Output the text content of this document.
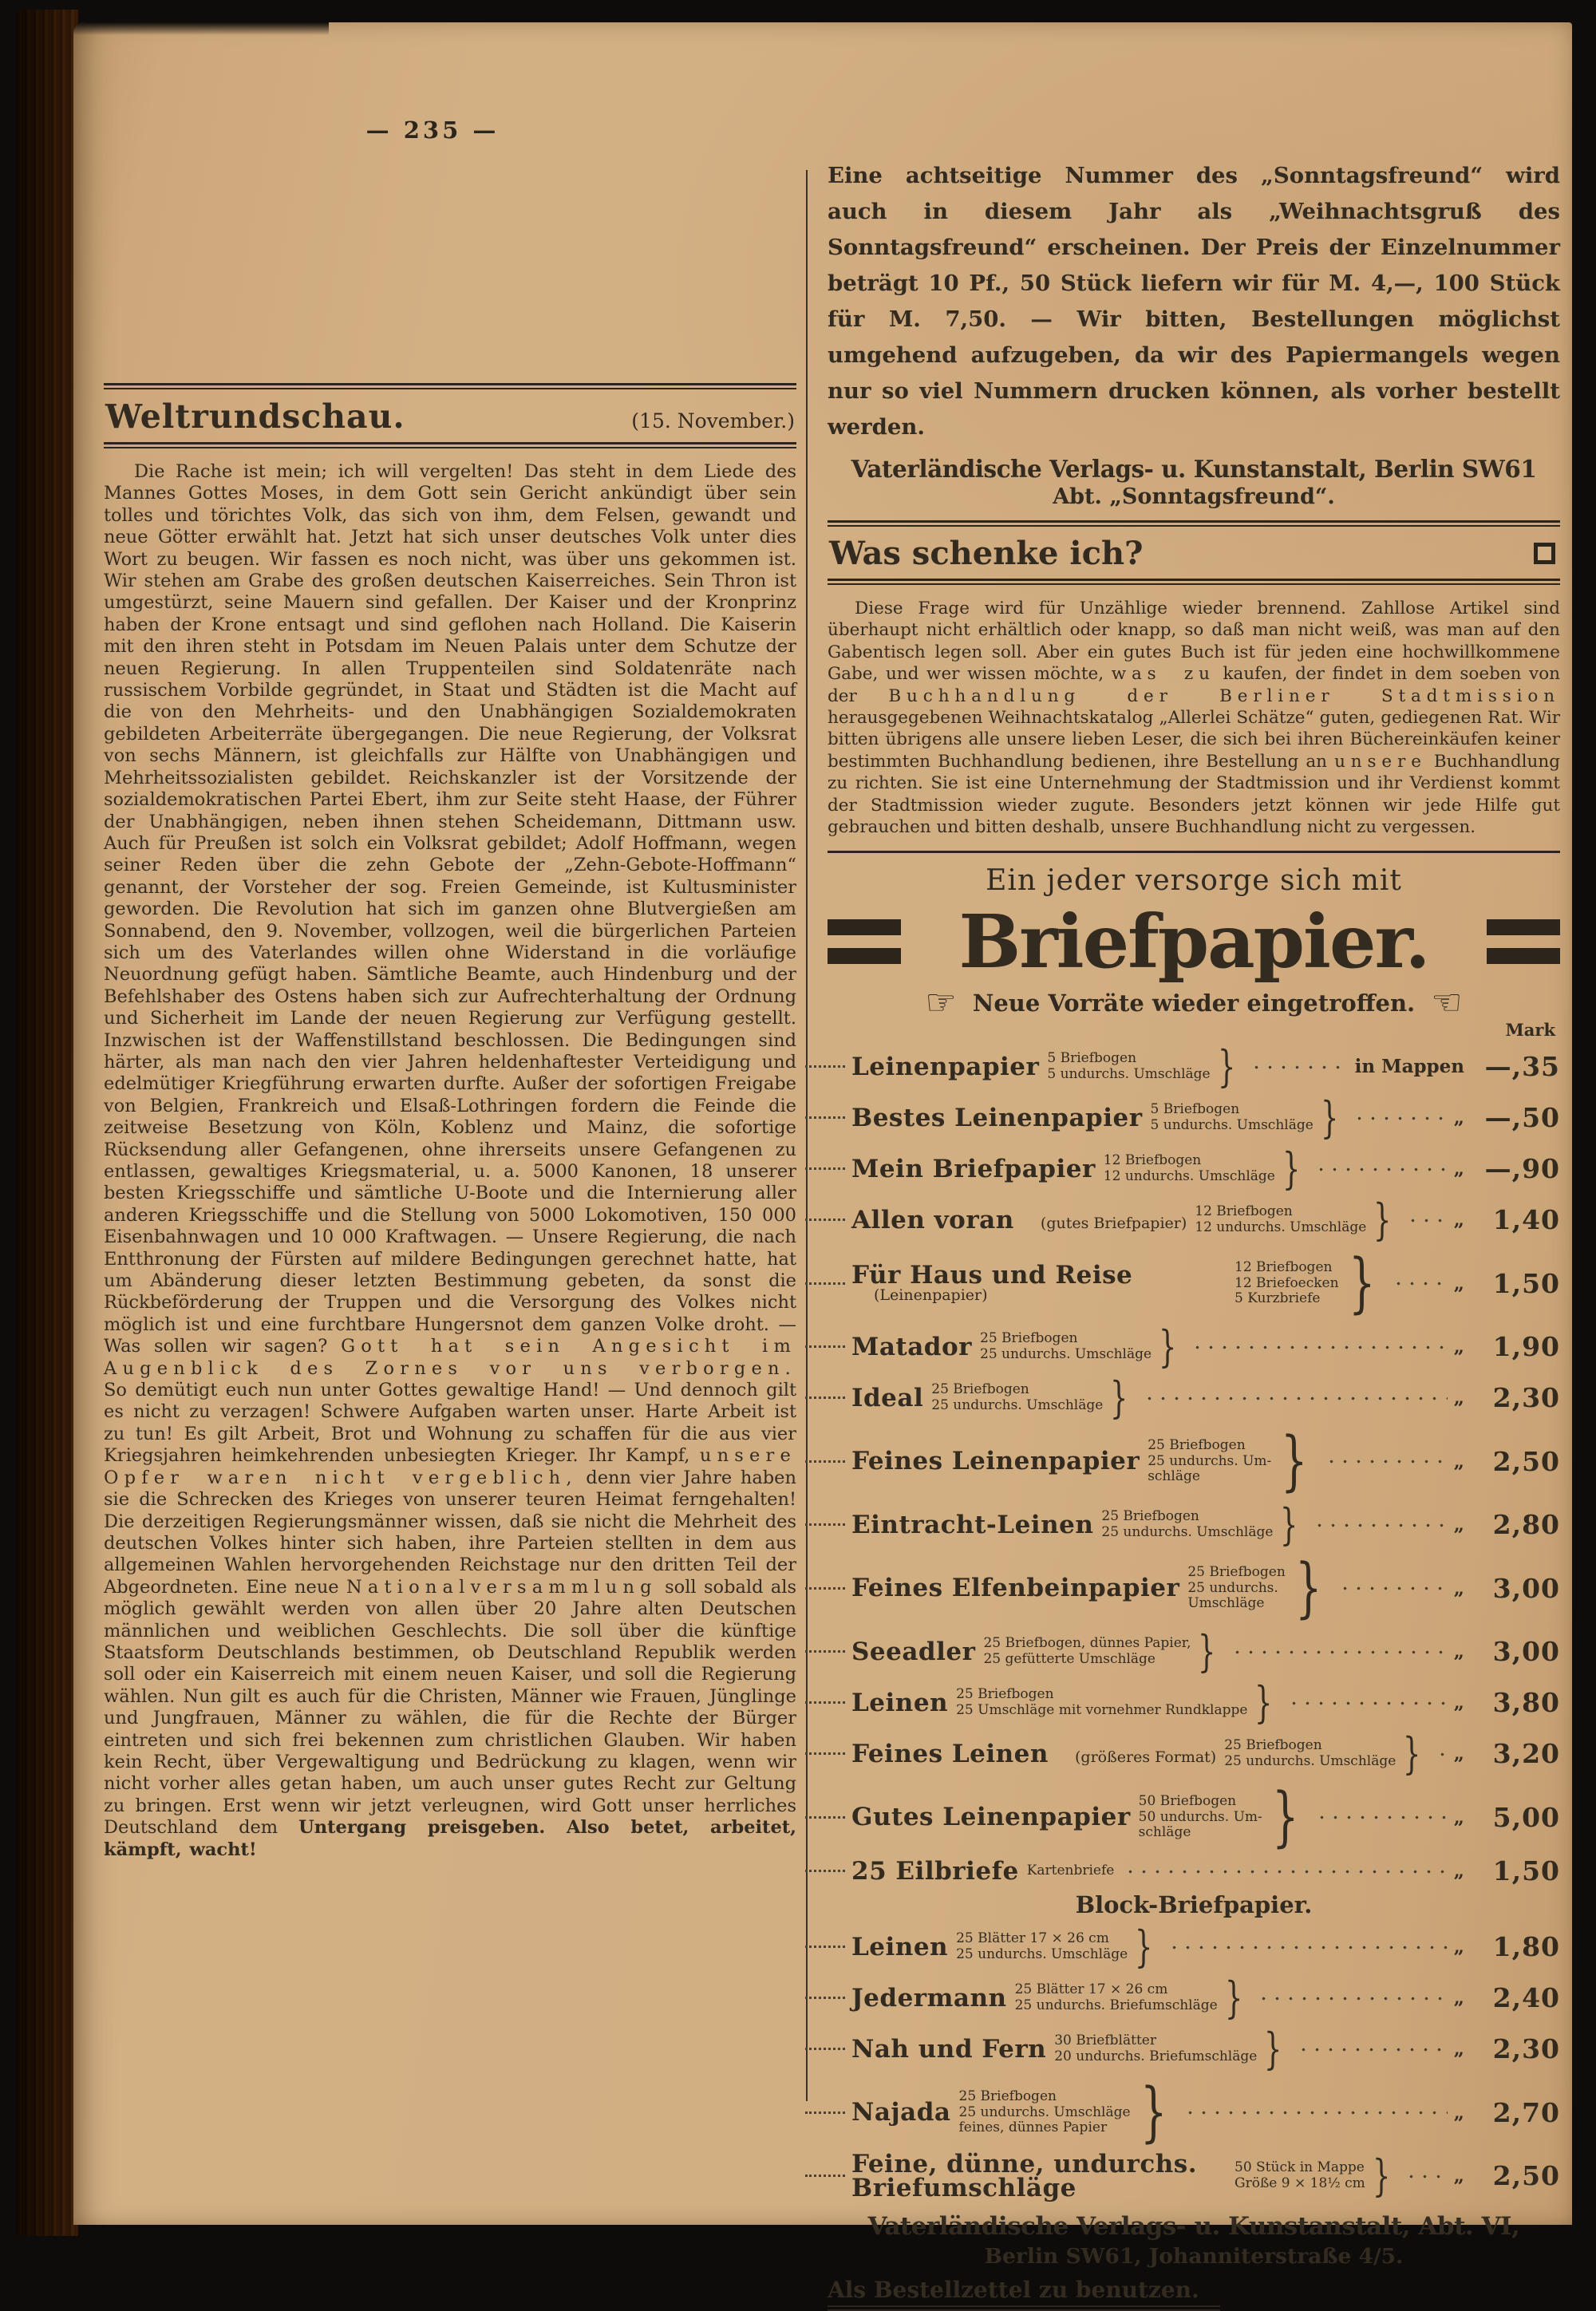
— 235 —
Weltrundschau.	(15. November.)
Die Rache ist mein; ich will vergelten! Das steht in dem Liede des Mannes Gottes Moses, in dem Gott sein Gericht ankündigt über sein tolles und törichtes Volk, das sich von ihm, dem Felsen, gewandt und neue Götter erwählt hat. Jetzt hat sich unser deutsches Volk unter dies Wort zu beugen. Wir fassen es noch nicht, was über uns gekommen ist. Wir stehen am Grabe des großen deutschen Kaiserreiches. Sein Thron ist umgestürzt, seine Mauern sind gefallen. Der Kaiser und der Kronprinz haben der Krone entsagt und sind geflohen nach Holland. Die Kaiserin mit den ihren steht in Potsdam im Neuen Palais unter dem Schutze der neuen Regierung. In allen Truppenteilen sind Soldatenräte nach russischem Vorbilde gegründet, in Staat und Städten ist die Macht auf die von den Mehrheits- und den Unabhängigen Sozialdemokraten gebildeten Arbeiterräte übergegangen. Die neue Regierung, der Volksrat von sechs Männern, ist gleichfalls zur Hälfte von Unabhängigen und Mehrheitssozialisten gebildet. Reichskanzler ist der Vorsitzende der sozialdemokratischen Partei Ebert, ihm zur Seite steht Haase, der Führer der Unabhängigen, neben ihnen stehen Scheidemann, Dittmann usw. Auch für Preußen ist solch ein Volksrat gebildet; Adolf Hoffmann, wegen seiner Reden über die zehn Gebote der „Zehn-Gebote-Hoffmann“ genannt, der Vorsteher der sog. Freien Gemeinde, ist Kultusminister geworden. Die Revolution hat sich im ganzen ohne Blutvergießen am Sonnabend, den 9. November, vollzogen, weil die bürgerlichen Parteien sich um des Vaterlandes willen ohne Widerstand in die vorläufige Neuordnung gefügt haben. Sämtliche Beamte, auch Hindenburg und der Befehlshaber des Ostens haben sich zur Aufrechterhaltung der Ordnung und Sicherheit im Lande der neuen Regierung zur Verfügung gestellt. Inzwischen ist der Waffenstillstand beschlossen. Die Bedingungen sind härter, als man nach den vier Jahren heldenhaftester Verteidigung und edelmütiger Kriegführung erwarten durfte. Außer der sofortigen Freigabe von Belgien, Frankreich und Elsaß-Lothringen fordern die Feinde die zeitweise Besetzung von Köln, Koblenz und Mainz, die sofortige Rücksendung aller Gefangenen, ohne ihrerseits unsere Gefangenen zu entlassen, gewaltiges Kriegsmaterial, u. a. 5000 Kanonen, 18 unserer besten Kriegsschiffe und sämtliche U-Boote und die Internierung aller anderen Kriegsschiffe und die Stellung von 5000 Lokomotiven, 150 000 Eisenbahnwagen und 10 000 Kraftwagen. — Unsere Regierung, die nach Entthronung der Fürsten auf mildere Bedingungen gerechnet hatte, hat um Abänderung dieser letzten Bestimmung gebeten, da sonst die Rückbeförderung der Truppen und die Versorgung des Volkes nicht möglich ist und eine furchtbare Hungersnot dem ganzen Volke droht. — Was sollen wir sagen? Gott hat sein Angesicht im Augenblick des Zornes vor uns verborgen. So demütigt euch nun unter Gottes gewaltige Hand! — Und dennoch gilt es nicht zu verzagen! Schwere Aufgaben warten unser. Harte Arbeit ist zu tun! Es gilt Arbeit, Brot und Wohnung zu schaffen für die aus vier Kriegsjahren heimkehrenden unbesiegten Krieger. Ihr Kampf, unsere Opfer waren nicht vergeblich, denn vier Jahre haben sie die Schrecken des Krieges von unserer teuren Heimat ferngehalten! Die derzeitigen Regierungsmänner wissen, daß sie nicht die Mehrheit des deutschen Volkes hinter sich haben, ihre Parteien stellten in dem aus allgemeinen Wahlen hervorgehenden Reichstage nur den dritten Teil der Abgeordneten. Eine neue Nationalversammlung soll sobald als möglich gewählt werden von allen über 20 Jahre alten Deutschen männlichen und weiblichen Geschlechts. Die soll über die künftige Staatsform Deutschlands bestimmen, ob Deutschland Republik werden soll oder ein Kaiserreich mit einem neuen Kaiser, und soll die Regierung wählen. Nun gilt es auch für die Christen, Männer wie Frauen, Jünglinge und Jungfrauen, Männer zu wählen, die für die Rechte der Bürger eintreten und sich frei bekennen zum christlichen Glauben. Wir haben kein Recht, über Vergewaltigung und Bedrückung zu klagen, wenn wir nicht vorher alles getan haben, um auch unser gutes Recht zur Geltung zu bringen. Erst wenn wir jetzt verleugnen, wird Gott unser herrliches Deutschland dem Untergang preisgeben. Also betet, arbeitet, kämpft, wacht!
Eine achtseitige Nummer des „Sonntagsfreund“ wird auch in diesem Jahr als „Weihnachtsgruß des Sonntagsfreund“ erscheinen. Der Preis der Einzelnummer beträgt 10 Pf., 50 Stück liefern wir für M. 4,—, 100 Stück für M. 7,50. — Wir bitten, Bestellungen möglichst umgehend aufzugeben, da wir des Papiermangels wegen nur so viel Nummern drucken können, als vorher bestellt werden.
Vaterländische Verlags- u. Kunstanstalt, Berlin SW61
Abt. „Sonntagsfreund“.
Was schenke ich?
Diese Frage wird für Unzählige wieder brennend. Zahllose Artikel sind überhaupt nicht erhältlich oder knapp, so daß man nicht weiß, was man auf den Gabentisch legen soll. Aber ein gutes Buch ist für jeden eine hochwillkommene Gabe, und wer wissen möchte, was zu kaufen, der findet in dem soeben von der Buchhandlung der Berliner Stadtmission herausgegebenen Weihnachtskatalog „Allerlei Schätze“ guten, gediegenen Rat. Wir bitten übrigens alle unsere lieben Leser, die sich bei ihren Büchereinkäufen keiner bestimmten Buchhandlung bedienen, ihre Bestellung an unsere Buchhandlung zu richten. Sie ist eine Unternehmung der Stadtmission und ihr Verdienst kommt der Stadtmission wieder zugute. Besonders jetzt können wir jede Hilfe gut gebrauchen und bitten deshalb, unsere Buchhandlung nicht zu vergessen.
Ein jeder versorge sich mit
Briefpapier.
☞ Neue Vorräte wieder eingetroffen. ☜
Mark
Leinenpapier 5 Briefbogen
5 undurchs. Umschläge }	in Mappen —,35
Bestes Leinenpapier 5 Briefbogen
5 undurchs. Umschläge }	„ —,50
Mein Briefpapier 12 Briefbogen
12 undurchs. Umschläge }	„ —,90
Allen voran (gutes Briefpapier)
12 Briefbogen
12 undurchs. Umschläge }	„	1,40
Für Haus und Reise (Leinenpapier)
12 Briefbogen
12 Briefoecken
5 Kurzbriefe }	„	1,50
Matador 25 Briefbogen
25 undurchs. Umschläge }	„	1,90
Ideal 25 Briefbogen
25 undurchs. Umschläge }	„	2,30
Feines Leinenpapier
25 Briefbogen
25 undurchs. Um-
schläge	}	„	2,50
Eintracht-Leinen 25 Briefbogen
25 undurchs. Umschläge }	„	2,80
Feines Elfenbeinpapier
25 Briefbogen
25 undurchs.
Umschläge }	„	3,00
Seeadler 25 Briefbogen, dünnes Papier,
25 gefütterte Umschläge }	„	3,00
Leinen 25 Briefbogen
25 Umschläge mit vornehmer Rundklappe }	„	3,80
Feines Leinen (größeres Format)
25 Briefbogen
25 undurchs. Umschläge } „	3,20
Gutes Leinenpapier
50 Briefbogen
50 undurchs. Um-
schläge	}	„	5,00
25 Eilbriefe Kartenbriefe	„	1,50
Block-Briefpapier.
Leinen 25 Blätter 17 × 26 cm
25 undurchs. Umschläge }	„	1,80
Jedermann 25 Blätter 17 × 26 cm
25 undurchs. Briefumschläge }	„	2,40
Nah und Fern 30 Briefblätter
20 undurchs. Briefumschläge }	„	2,30
Najada
25 Briefbogen
25 undurchs. Umschläge
feines, dünnes Papier }	„	2,70
Feine, dünne, undurchs. Briefumschläge
50 Stück in Mappe
Größe 9 × 18½ cm }	„	2,50
Vaterländische Verlags- u. Kunstanstalt, Abt. VI,
Berlin SW61, Johanniterstraße 4/5.
Als Bestellzettel zu benutzen.
